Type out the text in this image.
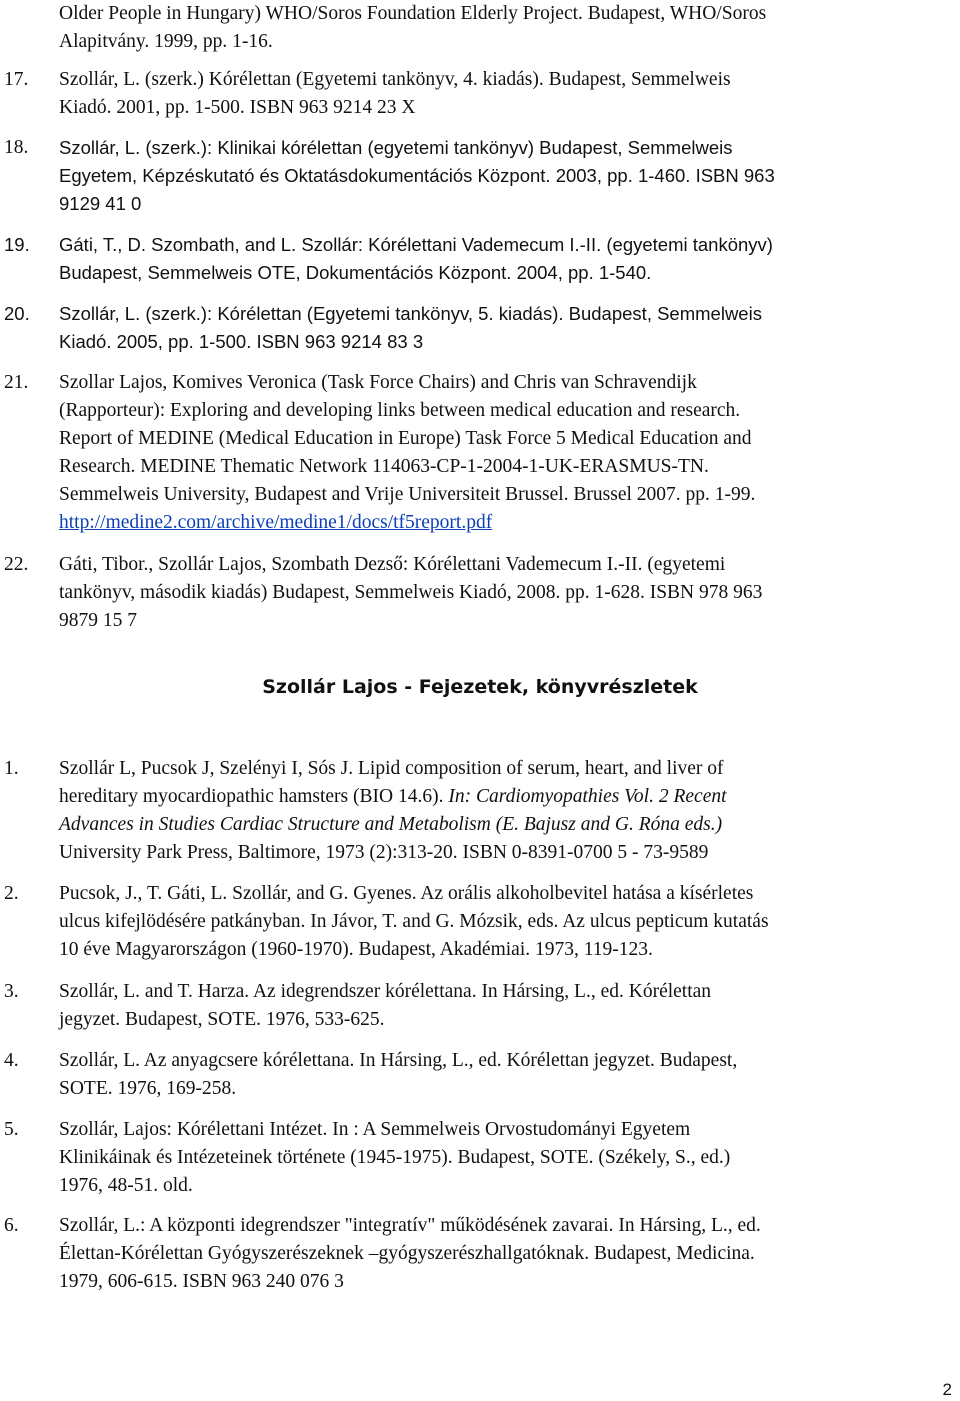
Older People in Hungary) WHO/Soros Foundation Elderly Project. Budapest, WHO/Soros
Alapitvány. 1999, pp. 1-16.
17. Szollár, L. (szerk.) Kórélettan (Egyetemi tankönyv, 4. kiadás). Budapest, Semmelweis
Kiadó. 2001, pp. 1-500. ISBN 963 9214 23 X
18. Szollár, L. (szerk.): Klinikai kórélettan (egyetemi tankönyv) Budapest, Semmelweis
Egyetem, Képzéskutató és Oktatásdokumentációs Központ. 2003, pp. 1-460. ISBN 963
9129 41 0
19. Gáti, T., D. Szombath, and L. Szollár: Kórélettani Vademecum I.-II. (egyetemi tankönyv)
Budapest, Semmelweis OTE, Dokumentációs Központ. 2004, pp. 1-540.
20. Szollár, L. (szerk.): Kórélettan (Egyetemi tankönyv, 5. kiadás). Budapest, Semmelweis
Kiadó. 2005, pp. 1-500. ISBN 963 9214 83 3
21. Szollar Lajos, Komives Veronica (Task Force Chairs) and Chris van Schravendijk
(Rapporteur): Exploring and developing links between medical education and research.
Report of MEDINE (Medical Education in Europe) Task Force 5 Medical Education and
Research. MEDINE Thematic Network 114063-CP-1-2004-1-UK-ERASMUS-TN.
Semmelweis University, Budapest and Vrije Universiteit Brussel. Brussel 2007. pp. 1-99.
http://medine2.com/archive/medine1/docs/tf5report.pdf
22. Gáti, Tibor., Szollár Lajos, Szombath Dezső: Kórélettani Vademecum I.-II. (egyetemi
tankönyv, második kiadás) Budapest, Semmelweis Kiadó, 2008. pp. 1-628. ISBN 978 963
9879 15 7
Szollár Lajos - Fejezetek, könyvrészletek
1. Szollár L, Pucsok J, Szelényi I, Sós J. Lipid composition of serum, heart, and liver of
hereditary myocardiopathic hamsters (BIO 14.6). In: Cardiomyopathies Vol. 2 Recent
Advances in Studies Cardiac Structure and Metabolism (E. Bajusz and G. Róna eds.)
University Park Press, Baltimore, 1973 (2):313-20. ISBN 0-8391-0700 5 - 73-9589
2. Pucsok, J., T. Gáti, L. Szollár, and G. Gyenes. Az orális alkoholbevitel hatása a kísérletes
ulcus kifejlödésére patkányban. In Jávor, T. and G. Mózsik, eds. Az ulcus pepticum kutatás
10 éve Magyarországon (1960-1970). Budapest, Akadémiai. 1973, 119-123.
3. Szollár, L. and T. Harza. Az idegrendszer kórélettana. In Hársing, L., ed. Kórélettan
jegyzet. Budapest, SOTE. 1976, 533-625.
4. Szollár, L. Az anyagcsere kórélettana. In Hársing, L., ed. Kórélettan jegyzet. Budapest,
SOTE. 1976, 169-258.
5. Szollár, Lajos: Kórélettani Intézet. In : A Semmelweis Orvostudományi Egyetem
Klinikáinak és Intézeteinek története (1945-1975). Budapest, SOTE. (Székely, S., ed.)
1976, 48-51. old.
6. Szollár, L.: A központi idegrendszer "integratív" működésének zavarai. In Hársing, L., ed.
Élettan-Kórélettan Gyógyszerészeknek –gyógyszerészhallgatóknak. Budapest, Medicina.
1979, 606-615. ISBN 963 240 076 3
2
